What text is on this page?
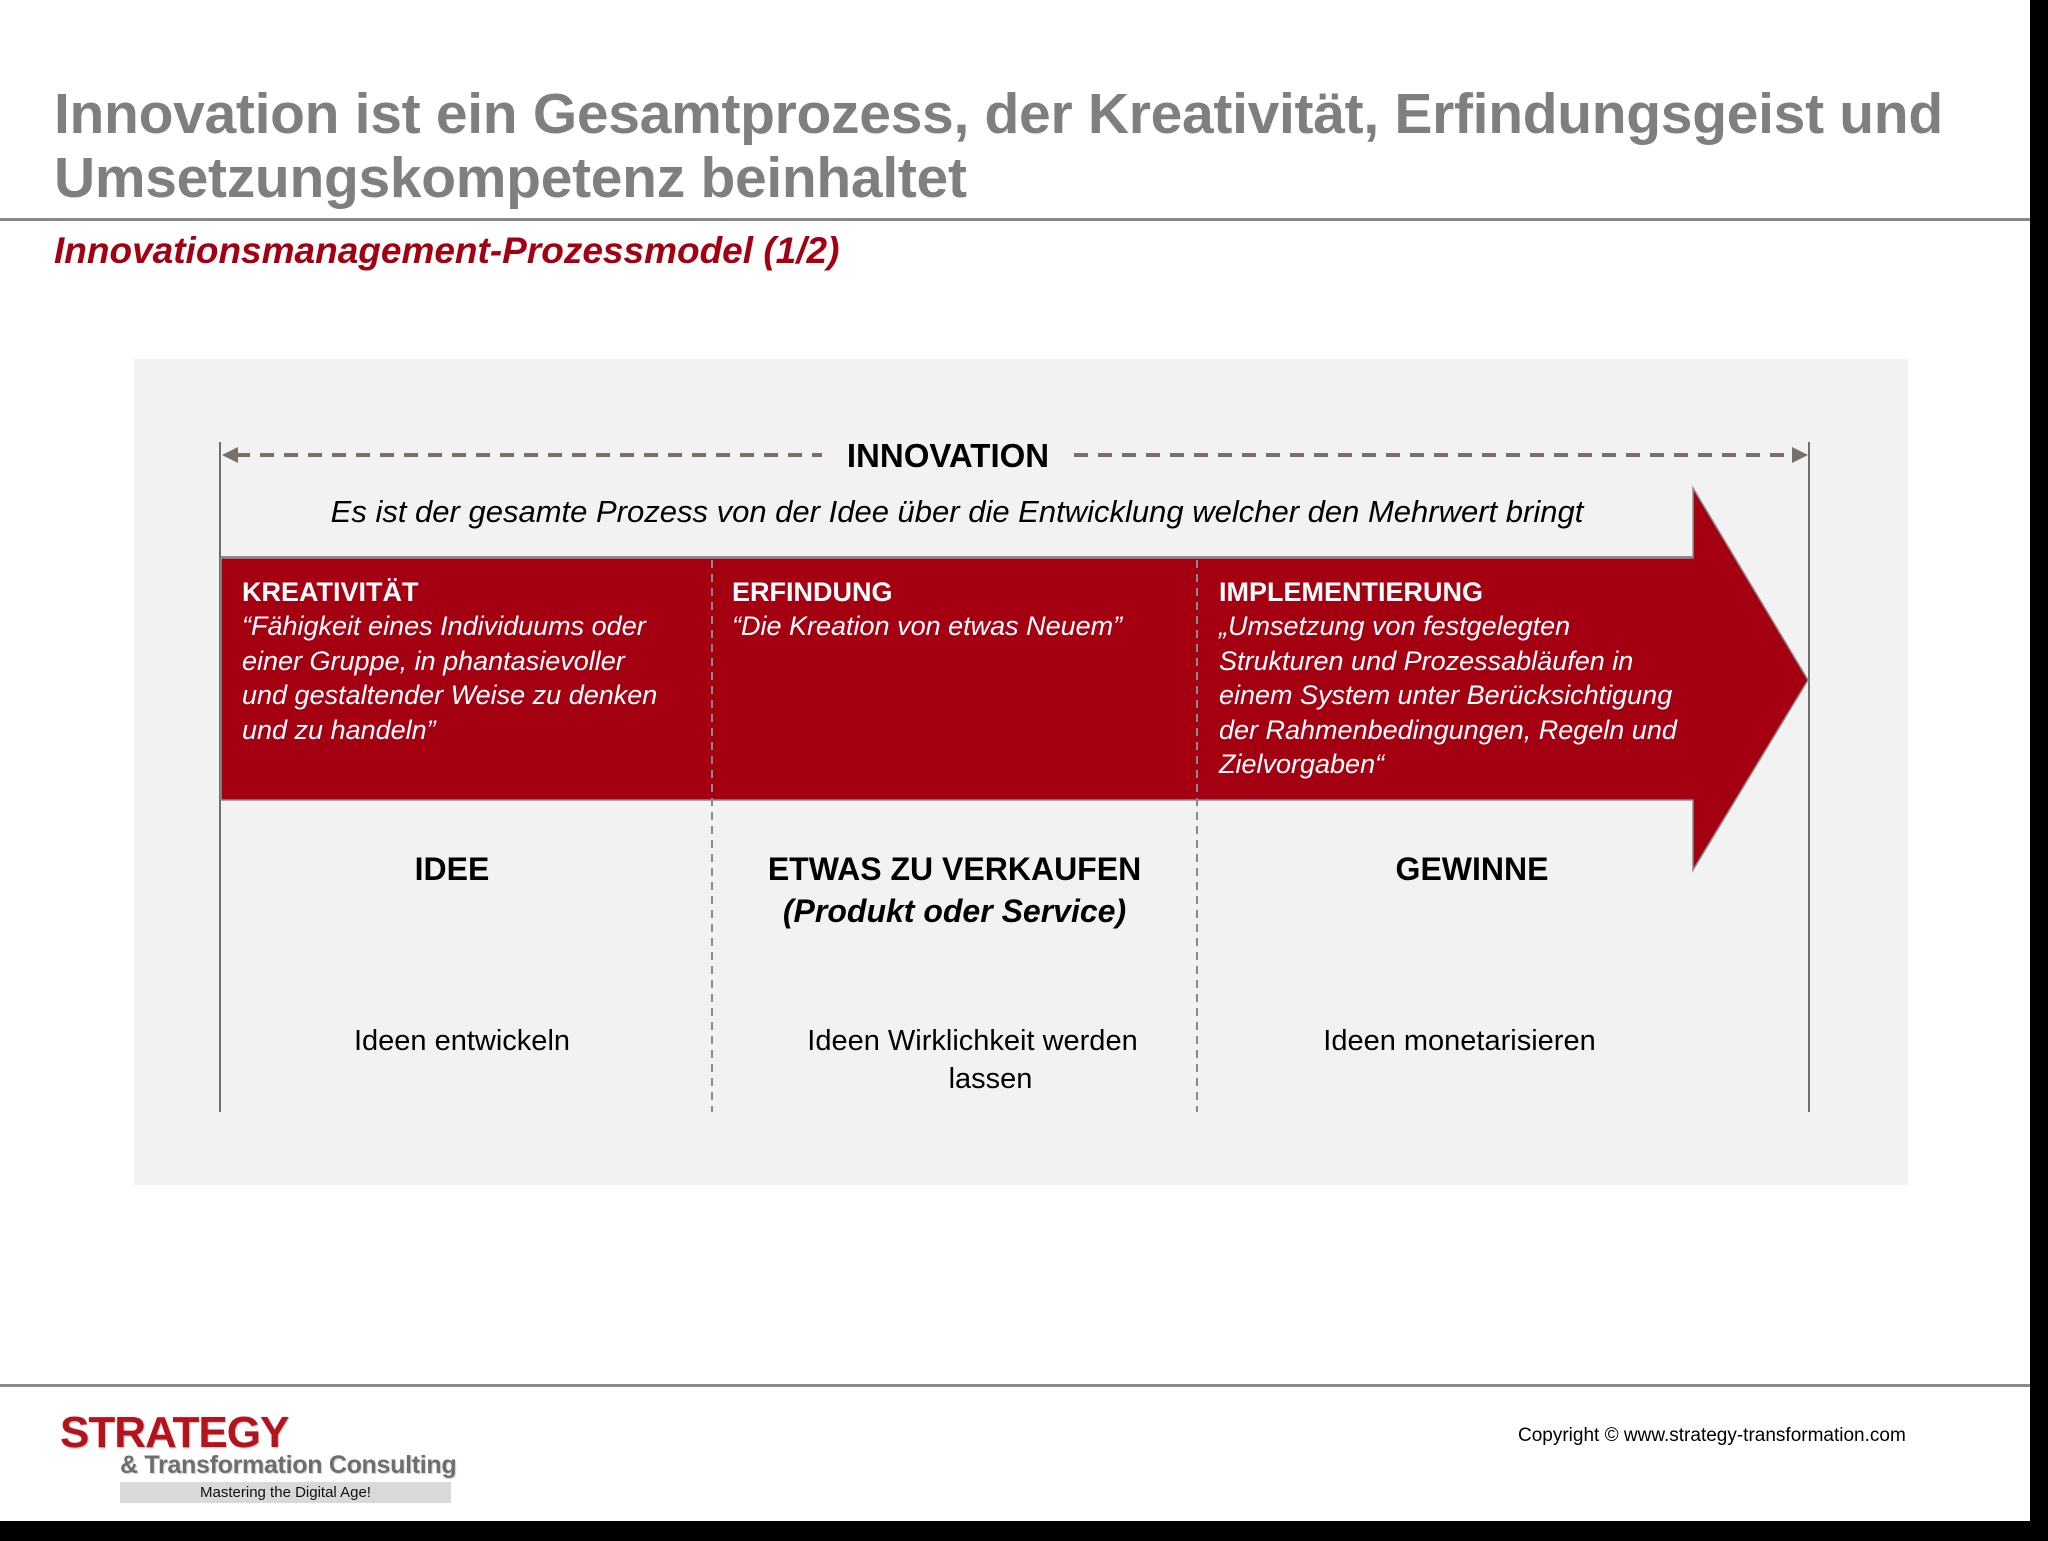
Innovation ist ein Gesamtprozess, der Kreativität, Erfindungsgeist und
Umsetzungskompetenz beinhaltet
Innovationsmanagement-Prozessmodel (1/2)
INNOVATION
Es ist der gesamte Prozess von der Idee über die Entwicklung welcher den Mehrwert bringt
KREATIVITÄT
“Fähigkeit eines Individuums oder
einer Gruppe, in phantasievoller
und gestaltender Weise zu denken
und zu handeln”
ERFINDUNG
“Die Kreation von etwas Neuem”
IMPLEMENTIERUNG
„Umsetzung von festgelegten
Strukturen und Prozessabläufen in
einem System unter Berücksichtigung
der Rahmenbedingungen, Regeln und
Zielvorgaben“
IDEE	ETWAS ZU VERKAUFEN
(Produkt oder Service)
GEWINNE
Ideen entwickeln	Ideen Wirklichkeit werden
lassen
Ideen monetarisieren
STRATEGY
& Transformation Consulting
Mastering the Digital Age!
Copyright © www.strategy-transformation.com
